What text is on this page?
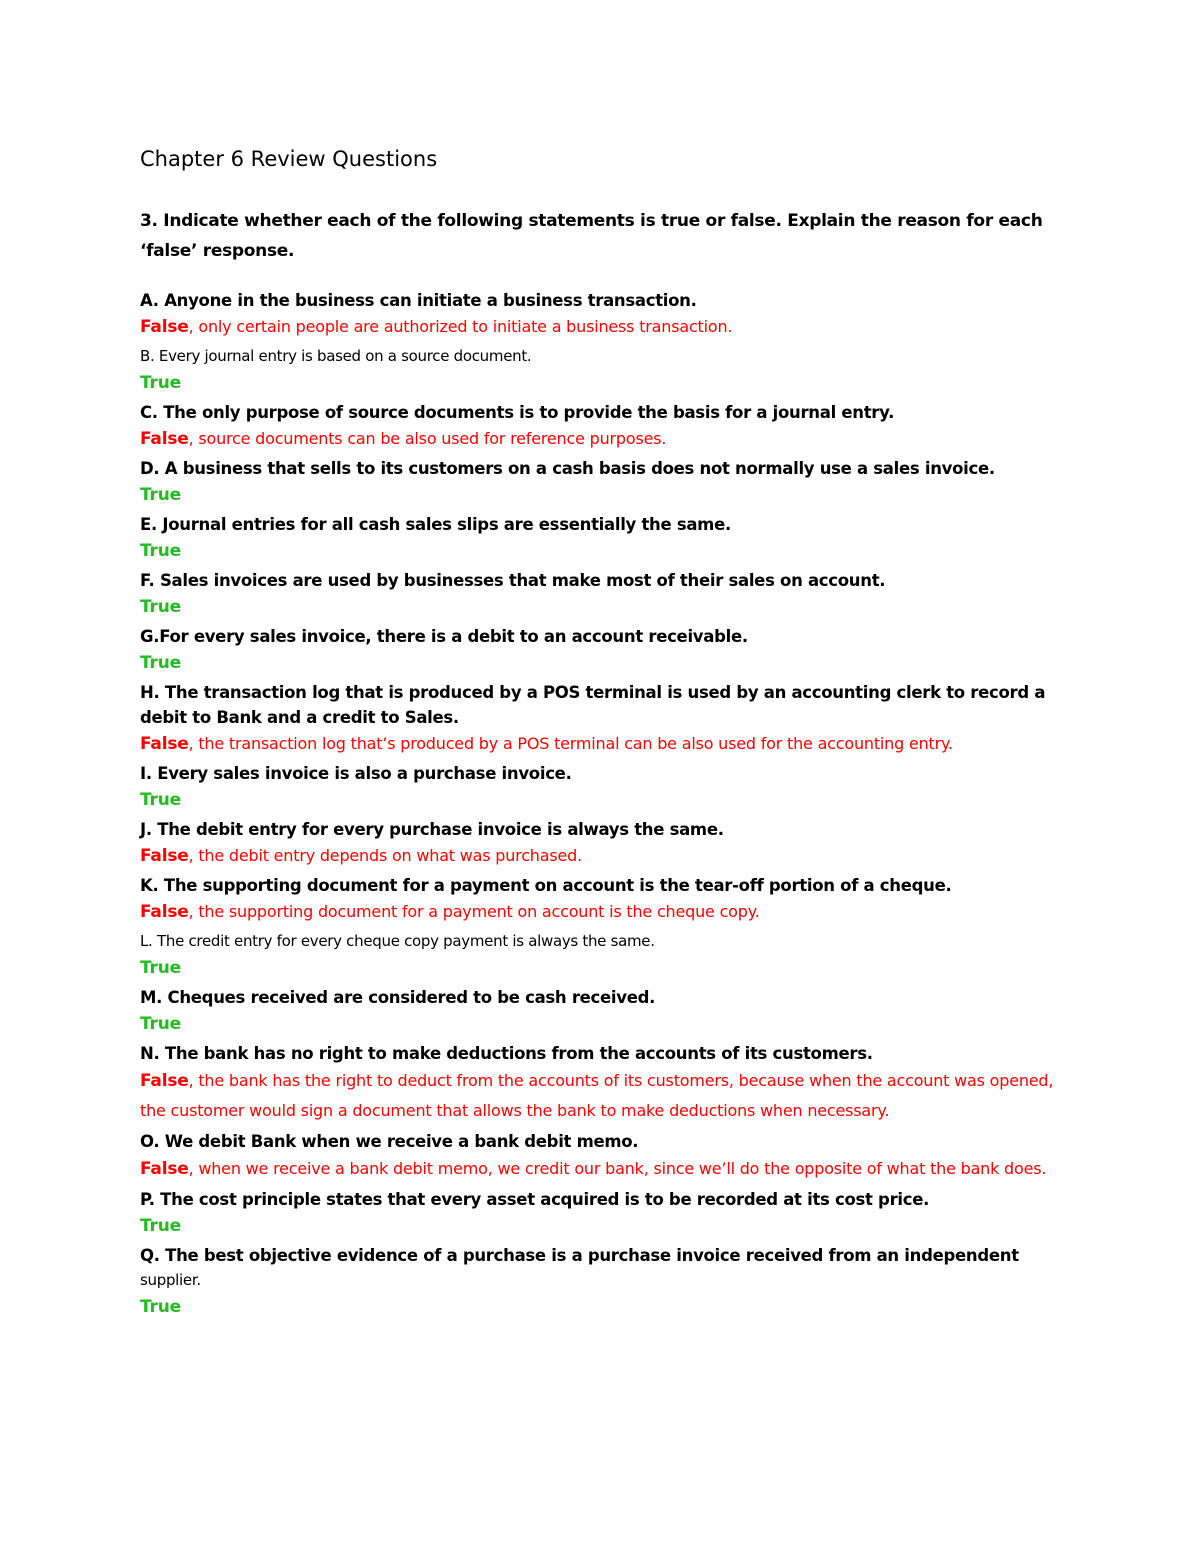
Chapter 6 Review Questions
3. Indicate whether each of the following statements is true or false. Explain the reason for each ‘false’ response.
A. Anyone in the business can initiate a business transaction.
False, only certain people are authorized to initiate a business transaction.
B. Every journal entry is based on a source document.
True
C. The only purpose of source documents is to provide the basis for a journal entry.
False, source documents can be also used for reference purposes.
D. A business that sells to its customers on a cash basis does not normally use a sales invoice.
True
E. Journal entries for all cash sales slips are essentially the same.
True
F. Sales invoices are used by businesses that make most of their sales on account.
True
G.For every sales invoice, there is a debit to an account receivable.
True
H. The transaction log that is produced by a POS terminal is used by an accounting clerk to record a debit to Bank and a credit to Sales.
False, the transaction log that’s produced by a POS terminal can be also used for the accounting entry.
I. Every sales invoice is also a purchase invoice.
True
J. The debit entry for every purchase invoice is always the same.
False, the debit entry depends on what was purchased.
K. The supporting document for a payment on account is the tear-off portion of a cheque.
False, the supporting document for a payment on account is the cheque copy.
L. The credit entry for every cheque copy payment is always the same.
True
M. Cheques received are considered to be cash received.
True
N. The bank has no right to make deductions from the accounts of its customers.
False, the bank has the right to deduct from the accounts of its customers, because when the account was opened, the customer would sign a document that allows the bank to make deductions when necessary.
O. We debit Bank when we receive a bank debit memo.
False, when we receive a bank debit memo, we credit our bank, since we’ll do the opposite of what the bank does.
P. The cost principle states that every asset acquired is to be recorded at its cost price.
True
Q. The best objective evidence of a purchase is a purchase invoice received from an independent
supplier.
True
